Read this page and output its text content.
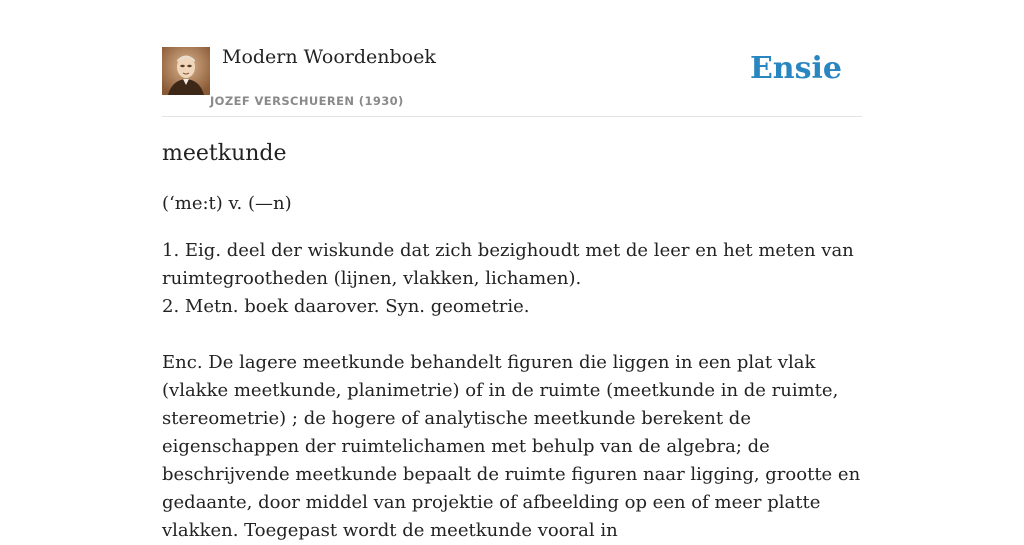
Modern Woordenboek
JOZEF VERSCHUEREN (1930)
Ensie
meetkunde
(ʻme:t) v. (—n)
1. Eig. deel der wiskunde dat zich bezighoudt met de leer en het meten van ruimtegrootheden (lijnen, vlakken, lichamen).
2. Metn. boek daarover. Syn. geometrie.
Enc. De lagere meetkunde behandelt figuren die liggen in een plat vlak (vlakke meetkunde, planimetrie) of in de ruimte (meetkunde in de ruimte, stereometrie) ; de hogere of analytische meetkunde berekent de eigenschappen der ruimtelichamen met behulp van de algebra; de beschrijvende meetkunde bepaalt de ruimte figuren naar ligging, grootte en gedaante, door middel van projektie of afbeelding op een of meer platte vlakken. Toegepast wordt de meetkunde vooral in
